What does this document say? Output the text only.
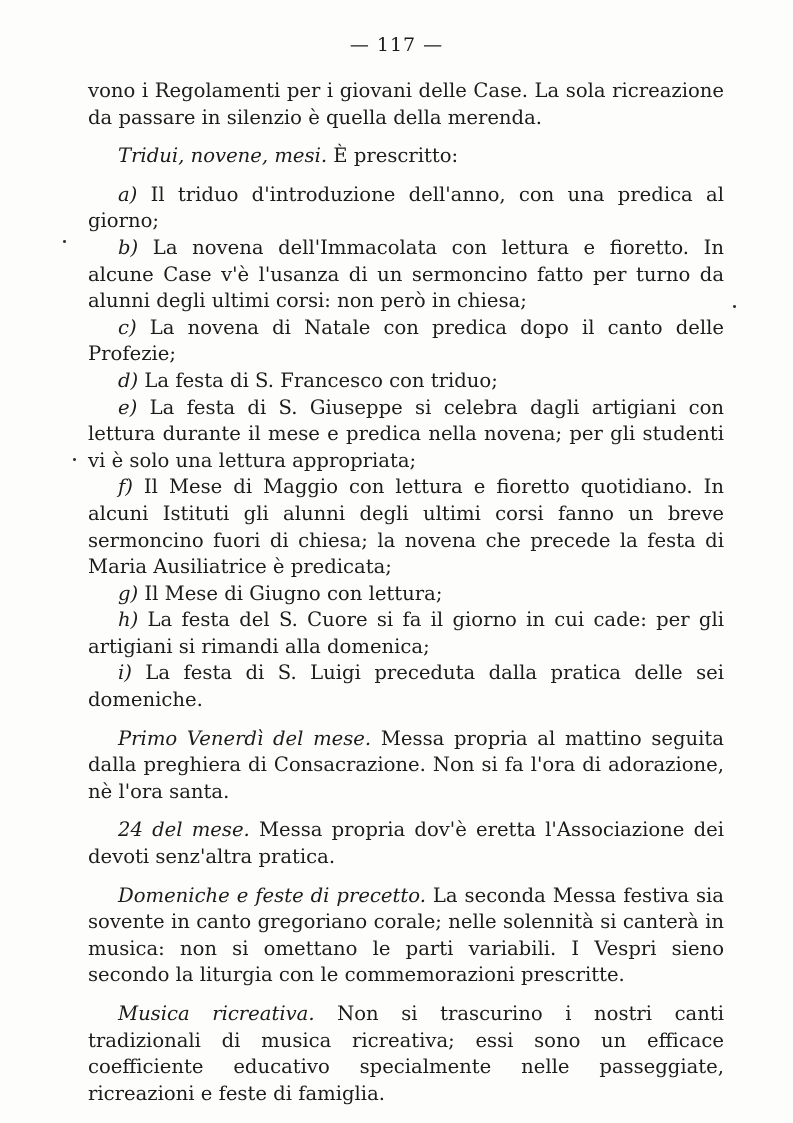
— 117 —

vono i Regolamenti per i giovani delle Case. La sola ricreazione da passare in silenzio è quella della merenda.

Tridui, novene, mesi. È prescritto:

a) Il triduo d'introduzione dell'anno, con una predica al giorno;

b) La novena dell'Immacolata con lettura e fioretto. In alcune Case v'è l'usanza di un sermoncino fatto per turno da alunni degli ultimi corsi: non però in chiesa;

c) La novena di Natale con predica dopo il canto delle Profezie;

d) La festa di S. Francesco con triduo;

e) La festa di S. Giuseppe si celebra dagli artigiani con lettura durante il mese e predica nella novena; per gli studenti vi è solo una lettura appropriata;

f) Il Mese di Maggio con lettura e fioretto quotidiano. In alcuni Istituti gli alunni degli ultimi corsi fanno un breve sermoncino fuori di chiesa; la novena che precede la festa di Maria Ausiliatrice è predicata;

g) Il Mese di Giugno con lettura;

h) La festa del S. Cuore si fa il giorno in cui cade: per gli artigiani si rimandi alla domenica;

i) La festa di S. Luigi preceduta dalla pratica delle sei domeniche.

Primo Venerdì del mese. Messa propria al mattino seguita dalla preghiera di Consacrazione. Non si fa l'ora di adorazione, nè l'ora santa.

24 del mese. Messa propria dov'è eretta l'Associazione dei devoti senz'altra pratica.

Domeniche e feste di precetto. La seconda Messa festiva sia sovente in canto gregoriano corale; nelle solennità si canterà in musica: non si omettano le parti variabili. I Vespri sieno secondo la liturgia con le commemorazioni prescritte.

Musica ricreativa. Non si trascurino i nostri canti tradizionali di musica ricreativa; essi sono un efficace coefficiente educativo specialmente nelle passeggiate, ricreazioni e feste di famiglia.
